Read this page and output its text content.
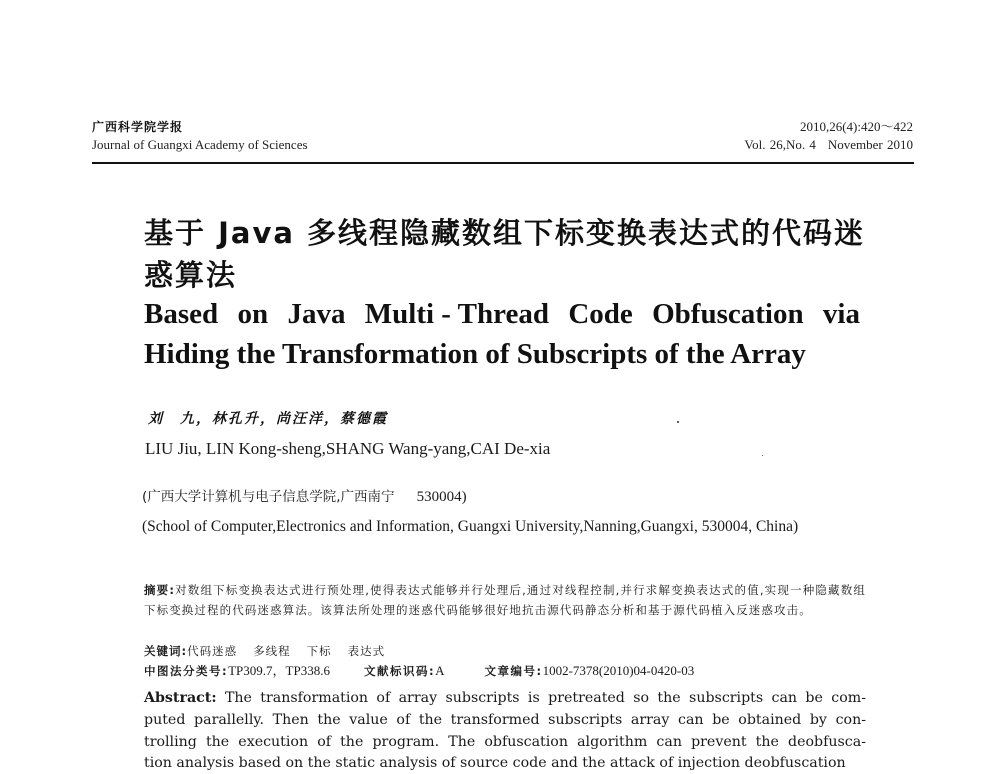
广西科学院学报
Journal of Guangxi Academy of Sciences
2010,26(4):420～422
Vol. 26,No. 4 November 2010
基于 Java 多线程隐藏数组下标变换表达式的代码迷惑算法
Based on Java Multi - Thread Code Obfuscation via
Hiding the Transformation of Subscripts of the Array
刘　九，林孔升，尚汪洋，蔡德霞
LIU Jiu, LIN Kong-sheng,SHANG Wang-yang,CAI De-xia
(广西大学计算机与电子信息学院,广西南宁 530004)
(School of Computer,Electronics and Information, Guangxi University,Nanning,Guangxi, 530004, China)
摘要:对数组下标变换表达式进行预处理,使得表达式能够并行处理后,通过对线程控制,并行求解变换表达式的值,实现一种隐藏数组下标变换过程的代码迷惑算法。该算法所处理的迷惑代码能够很好地抗击源代码静态分析和基于源代码植入反迷惑攻击。
关键词:代码迷惑 多线程 下标 表达式
中图法分类号:TP309.7，TP338.6	文献标识码:A	文章编号:1002-7378(2010)04-0420-03
Abstract: The transformation of array subscripts is pretreated so the subscripts can be com-
puted parallelly. Then the value of the transformed subscripts array can be obtained by con-
trolling the execution of the program. The obfuscation algorithm can prevent the deobfusca-
tion analysis based on the static analysis of source code and the attack of injection deobfuscation
